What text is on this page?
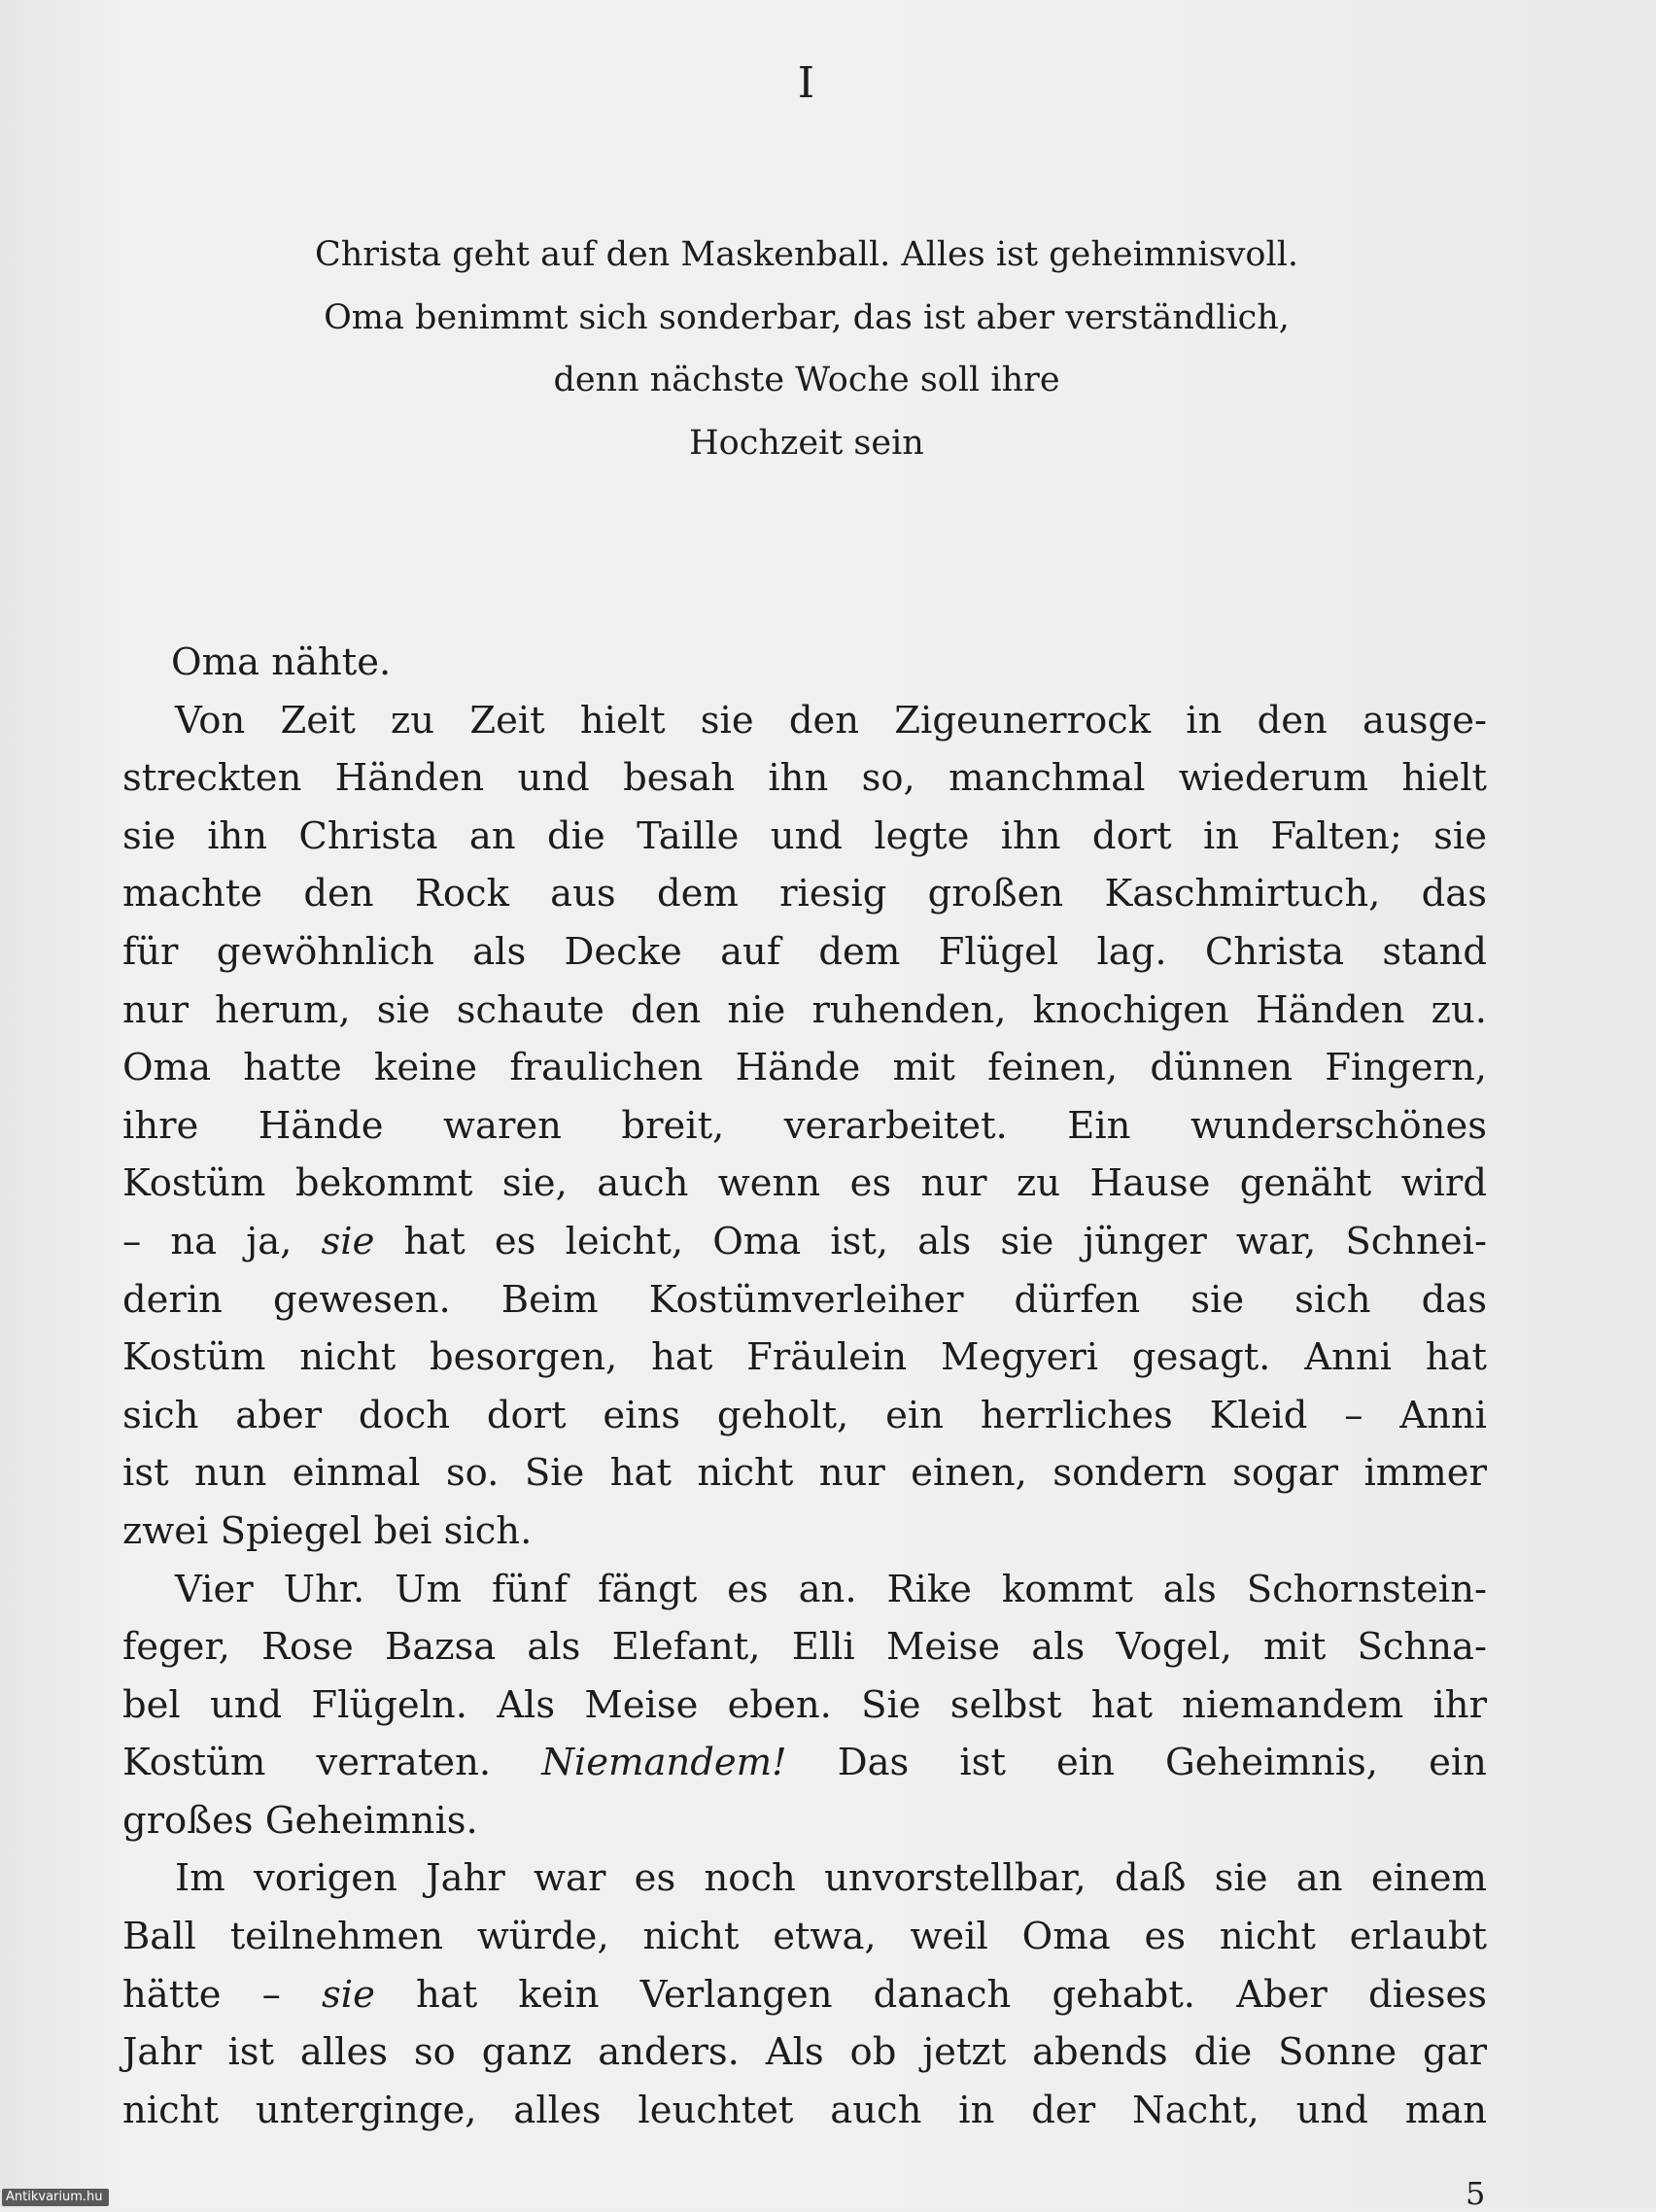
I
Christa geht auf den Maskenball. Alles ist geheimnisvoll.
Oma benimmt sich sonderbar, das ist aber verständlich,
denn nächste Woche soll ihre
Hochzeit sein
Oma nähte.
Von Zeit zu Zeit hielt sie den Zigeunerrock in den ausge-
streckten Händen und besah ihn so, manchmal wiederum hielt
sie ihn Christa an die Taille und legte ihn dort in Falten; sie
machte den Rock aus dem riesig großen Kaschmirtuch, das
für gewöhnlich als Decke auf dem Flügel lag. Christa stand
nur herum, sie schaute den nie ruhenden, knochigen Händen zu.
Oma hatte keine fraulichen Hände mit feinen, dünnen Fingern,
ihre Hände waren breit, verarbeitet. Ein wunderschönes
Kostüm bekommt sie, auch wenn es nur zu Hause genäht wird
– na ja, sie hat es leicht, Oma ist, als sie jünger war, Schnei-
derin gewesen. Beim Kostümverleiher dürfen sie sich das
Kostüm nicht besorgen, hat Fräulein Megyeri gesagt. Anni hat
sich aber doch dort eins geholt, ein herrliches Kleid – Anni
ist nun einmal so. Sie hat nicht nur einen, sondern sogar immer
zwei Spiegel bei sich.
Vier Uhr. Um fünf fängt es an. Rike kommt als Schornstein-
feger, Rose Bazsa als Elefant, Elli Meise als Vogel, mit Schna-
bel und Flügeln. Als Meise eben. Sie selbst hat niemandem ihr
Kostüm verraten. Niemandem! Das ist ein Geheimnis, ein
großes Geheimnis.
Im vorigen Jahr war es noch unvorstellbar, daß sie an einem
Ball teilnehmen würde, nicht etwa, weil Oma es nicht erlaubt
hätte – sie hat kein Verlangen danach gehabt. Aber dieses
Jahr ist alles so ganz anders. Als ob jetzt abends die Sonne gar
nicht unterginge, alles leuchtet auch in der Nacht, und man
5
Antikvarium.hu
